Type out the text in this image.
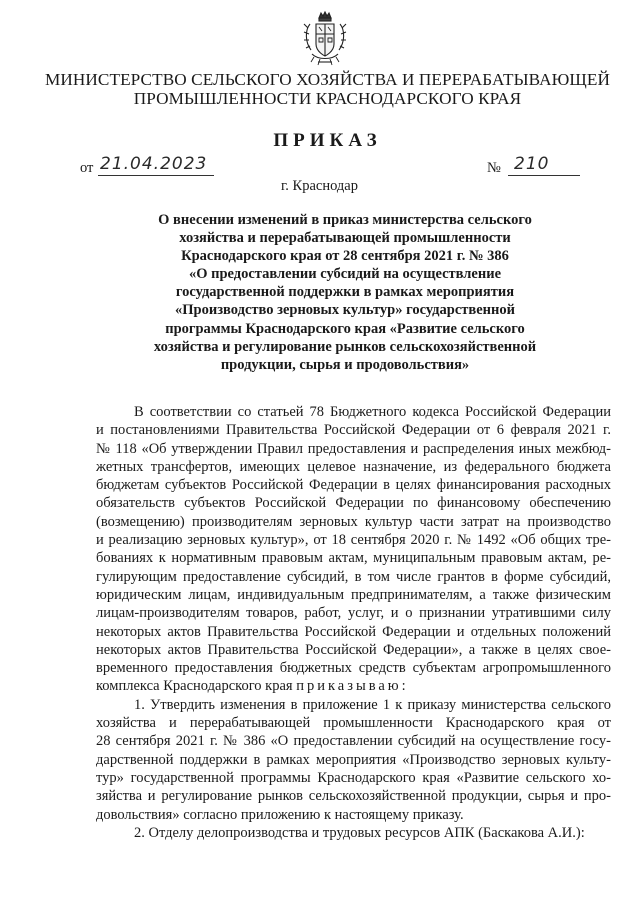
МИНИСТЕРСТВО СЕЛЬСКОГО ХОЗЯЙСТВА И ПЕРЕРАБАТЫВАЮЩЕЙ
ПРОМЫШЛЕННОСТИ КРАСНОДАРСКОГО КРАЯ
ПРИКАЗ
от 21.04.2023	№ 210
г. Краснодар
О внесении изменений в приказ министерства сельского
хозяйства и перерабатывающей промышленности
Краснодарского края от 28 сентября 2021 г. № 386
«О предоставлении субсидий на осуществление
государственной поддержки в рамках мероприятия
«Производство зерновых культур» государственной
программы Краснодарского края «Развитие сельского
хозяйства и регулирование рынков сельскохозяйственной
продукции, сырья и продовольствия»
В соответствии со статьей 78 Бюджетного кодекса Российской Федерации
и постановлениями Правительства Российской Федерации от 6 февраля 2021 г.
№ 118 «Об утверждении Правил предоставления и распределения иных межбюд-
жетных трансфертов, имеющих целевое назначение, из федерального бюджета
бюджетам субъектов Российской Федерации в целях финансирования расходных
обязательств субъектов Российской Федерации по финансовому обеспечению
(возмещению) производителям зерновых культур части затрат на производство
и реализацию зерновых культур», от 18 сентября 2020 г. № 1492 «Об общих тре-
бованиях к нормативным правовым актам, муниципальным правовым актам, ре-
гулирующим предоставление субсидий, в том числе грантов в форме субсидий,
юридическим лицам, индивидуальным предпринимателям, а также физическим
лицам-производителям товаров, работ, услуг, и о признании утратившими силу
некоторых актов Правительства Российской Федерации и отдельных положений
некоторых актов Правительства Российской Федерации», а также в целях свое-
временного предоставления бюджетных средств субъектам агропромышленного
комплекса Краснодарского края приказываю:
1. Утвердить изменения в приложение 1 к приказу министерства сельского
хозяйства и перерабатывающей промышленности Краснодарского края от
28 сентября 2021 г. № 386 «О предоставлении субсидий на осуществление госу-
дарственной поддержки в рамках мероприятия «Производство зерновых культу-
тур» государственной программы Краснодарского края «Развитие сельского хо-
зяйства и регулирование рынков сельскохозяйственной продукции, сырья и про-
довольствия» согласно приложению к настоящему приказу.
2. Отделу делопроизводства и трудовых ресурсов АПК (Баскакова А.И.):
